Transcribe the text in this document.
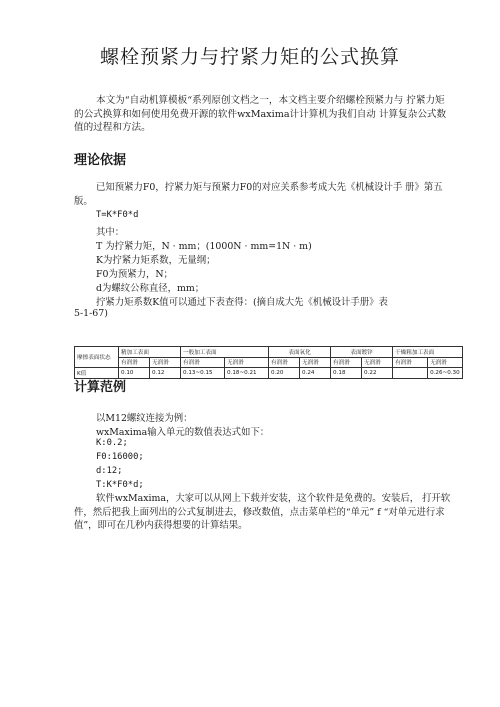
螺栓预紧力与拧紧力矩的公式换算

本文为“自动机算模板“系列原创文档之一，本文档主要介绍螺栓预紧力与 拧紧力矩的公式换算和如何使用免费开源的软件wxMaxima计计算机为我们自动 计算复杂公式数值的过程和方法。

理论依据

已知预紧力F0，拧紧力矩与预紧力F0的对应关系参考成大先《机械设计手 册》第五版。

T=K*F0*d

其中：

T 为拧紧力矩，N · mm；(1000N · mm=1N · m)

K为拧紧力矩系数，无量纲；

F0为预紧力，N；

d为螺纹公称直径，mm；

拧紧力矩系数K值可以通过下表查得：(摘自成大先《机械设计手册》表

5-1-67)

摩擦表面状态	精加工表面		一般加工表面		表面氧化		表面镀锌		干燥粗加工表面	
	有润滑	无润滑	有润滑	无润滑	有润滑	无润滑	有润滑	无润滑	有润滑	无润滑
K值	0.10	0.12	0.13~0.15	0.18~0.21	0.20	0.24	0.18	0.22		0.26~0.30
计算范例

以M12螺纹连接为例：

wxMaxima输入单元的数值表达式如下：

K:0.2;

F0:16000;

d:12;

T:K*F0*d;

软件wxMaxima，大家可以从网上下载并安装，这个软件是免费的。安装后， 打开软件，然后把我上面列出的公式复制进去，修改数值，点击菜单栏的“单元” f “对单元进行求值”，即可在几秒内获得想要的计算结果。
